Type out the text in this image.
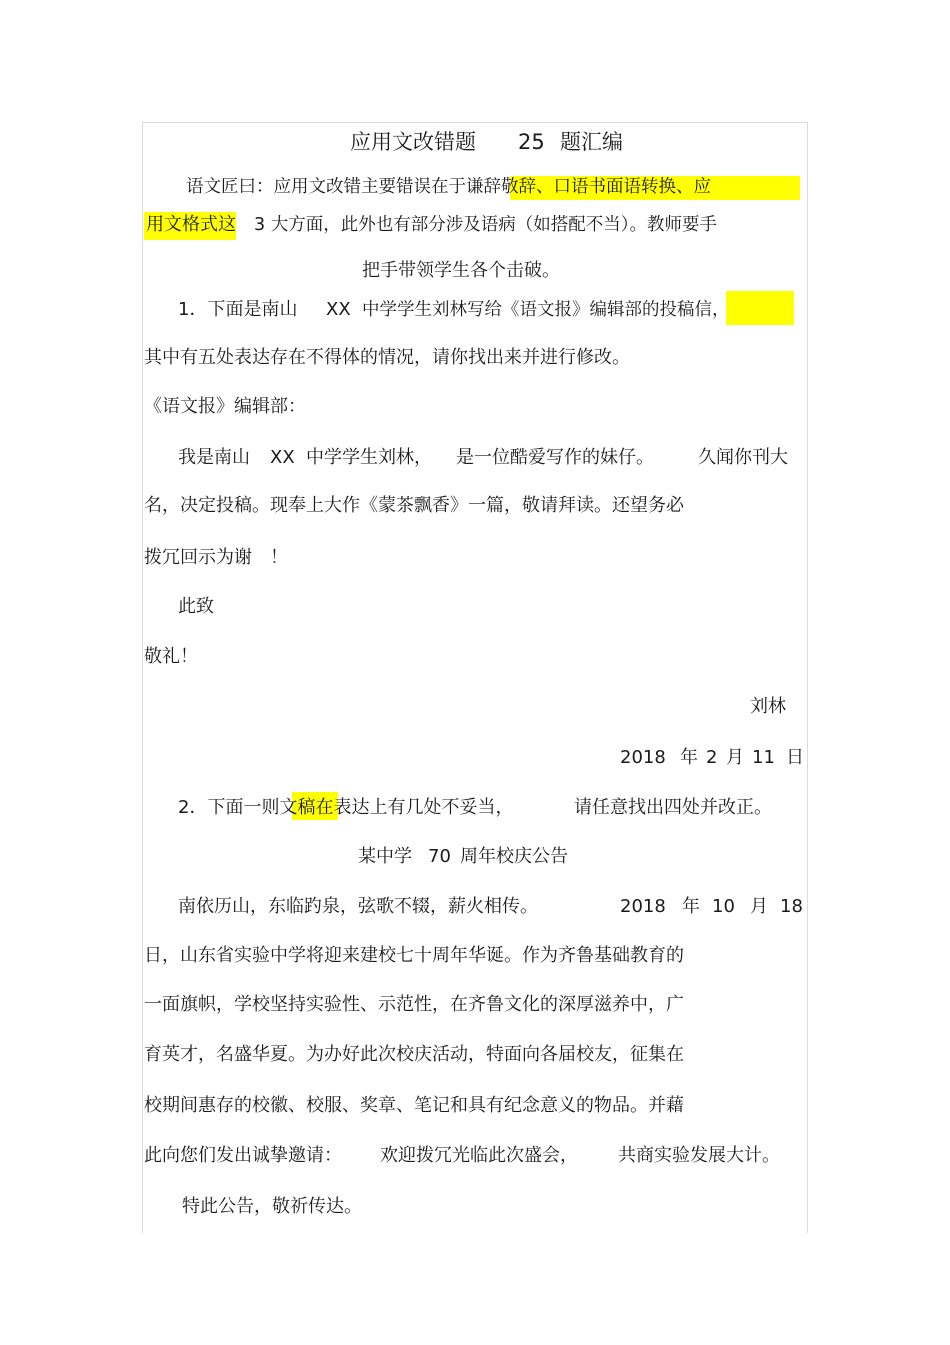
应用文改错题 25 题汇编
语文匠曰：应用文改错主要错误在于谦辞敬辞、口语书面语转换、应
用文格式这 3 大方面，此外也有部分涉及语病（如搭配不当）。教师要手
把手带领学生各个击破。
1．下面是南山 XX 中学学生刘林写给《语文报》编辑部的投稿信，
其中有五处表达存在不得体的情况，请你找出来并进行修改。
《语文报》编辑部：
我是南山 XX 中学学生刘林， 是一位酷爱写作的妹仔。 久闻你刊大
名，决定投稿。现奉上大作《蒙茶飘香》一篇，敬请拜读。还望务必
拨冗回示为谢 ！
此致
敬礼！
刘林
2018 年 2 月 11 日
2．下面一则文稿在表达上有几处不妥当，	请任意找出四处并改正。
某中学 70 周年校庆公告
南依历山，东临趵泉，弦歌不辍，薪火相传。	2018 年 10 月 18
日，山东省实验中学将迎来建校七十周年华诞。作为齐鲁基础教育的
一面旗帜，学校坚持实验性、示范性，在齐鲁文化的深厚滋养中，广
育英才，名盛华夏。为办好此次校庆活动，特面向各届校友，征集在
校期间惠存的校徽、校服、奖章、笔记和具有纪念意义的物品。并藉
此向您们发出诚挚邀请： 欢迎拨冗光临此次盛会， 共商实验发展大计。
特此公告，敬祈传达。
